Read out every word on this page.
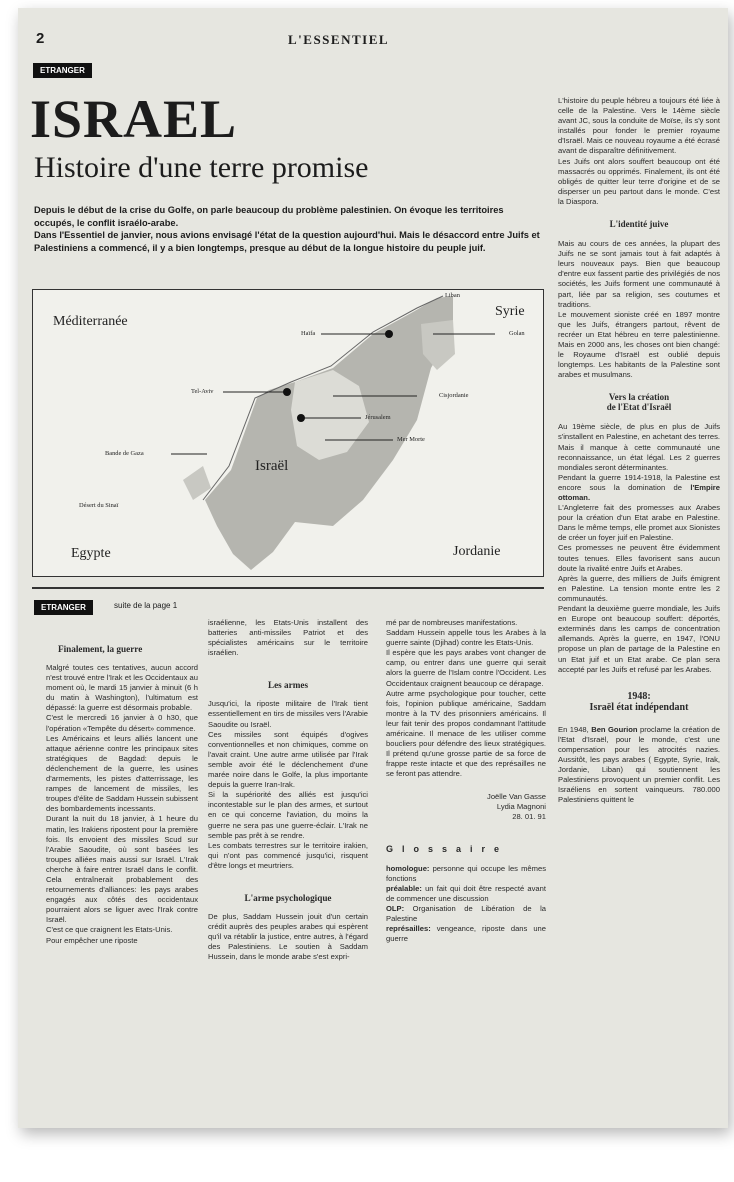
2	L'ESSENTIEL
ETRANGER
ISRAEL
Histoire d'une terre promise

Depuis le début de la crise du Golfe, on parle beaucoup du problème palestinien. On évoque les territoires occupés, le conflit israélo-arabe.

Dans l'Essentiel de janvier, nous avions envisagé l'état de la question aujourd'hui. Mais le désaccord entre Juifs et Palestiniens a commencé, il y a bien longtemps, presque au début de la longue histoire du peuple juif.

Méditerranée
Syrie
Liban
Haïfa	Golan
Tel-Aviv
Cisjordanie
Jérusalem
Mer Morte
Bande de Gaza
Israël
Désert du Sinaï
Egypte	Jordanie
ETRANGER	suite de la page 1
Finalement, la guerre

Malgré toutes ces tentatives, aucun accord n'est trouvé entre l'Irak et les Occidentaux au moment où, le mardi 15 janvier à minuit (6 h du matin à Washington), l'ultimatum est dépassé: la guerre est désormais probable.

C'est le mercredi 16 janvier à 0 h30, que l'opération «Tempête du désert» commence.

Les Américains et leurs alliés lancent une attaque aérienne contre les principaux sites stratégiques de Bagdad: depuis le déclenchement de la guerre, les usines d'armements, les pistes d'atterrissage, les rampes de lancement de missiles, les troupes d'élite de Saddam Hussein subissent des bombardements incessants.

Durant la nuit du 18 janvier, à 1 heure du matin, les Irakiens ripostent pour la première fois. Ils envoient des missiles Scud sur l'Arabie Saoudite, où sont basées les troupes alliées mais aussi sur Israël. L'Irak cherche à faire entrer Israël dans le conflit. Cela entraînerait probablement des retournements d'alliances: les pays arabes engagés aux côtés des occidentaux pourraient alors se liguer avec l'Irak contre Israël.

C'est ce que craignent les Etats-Unis.

Pour empêcher une riposte

israélienne, les Etats-Unis installent des batteries anti-missiles Patriot et des spécialistes américains sur le territoire israélien.

Les armes

Jusqu'ici, la riposte militaire de l'Irak tient essentiellement en tirs de missiles vers l'Arabie Saoudite ou Israël.

Ces missiles sont équipés d'ogives conventionnelles et non chimiques, comme on l'avait craint. Une autre arme utilisée par l'Irak semble avoir été le déclenchement d'une marée noire dans le Golfe, la plus importante depuis la guerre Iran-Irak.

Si la supériorité des alliés est jusqu'ici incontestable sur le plan des armes, et surtout en ce qui concerne l'aviation, du moins la guerre ne sera pas une guerre-éclair. L'Irak ne semble pas prêt à se rendre.

Les combats terrestres sur le territoire irakien, qui n'ont pas commencé jusqu'ici, risquent d'être longs et meurtriers.

L'arme psychologique

De plus, Saddam Hussein jouit d'un certain crédit auprès des peuples arabes qui espèrent qu'il va rétablir la justice, entre autres, à l'égard des Palestiniens. Le soutien à Saddam Hussein, dans le monde arabe s'est expri-

mé par de nombreuses manifestations.

Saddam Hussein appelle tous les Arabes à la guerre sainte (Djihad) contre les Etats-Unis.

Il espère que les pays arabes vont changer de camp, ou entrer dans une guerre qui serait alors la guerre de l'Islam contre l'Occident. Les Occidentaux craignent beaucoup ce dérapage.

Autre arme psychologique pour toucher, cette fois, l'opinion publique américaine, Saddam montre à la TV des prisonniers américains. Il leur fait tenir des propos condamnant l'attitude américaine. Il menace de les utiliser comme boucliers pour défendre des lieux stratégiques. Il prétend qu'une grosse partie de sa force de frappe reste intacte et que des représailles ne se feront pas attendre.

Joëlle Van Gasse
Lydia Magnoni
28. 01. 91
Glossaire

homologue: personne qui occupe les mêmes fonctions

préalable: un fait qui doit être respecté avant de commencer une discussion

OLP: Organisation de Libération de la Palestine

représailles: vengeance, riposte dans une guerre

L'histoire du peuple hébreu a toujours été liée à celle de la Palestine. Vers le 14ème siècle avant JC, sous la conduite de Moïse, ils s'y sont installés pour fonder le premier royaume d'Israël. Mais ce nouveau royaume a été écrasé avant de disparaître définitivement.

Les Juifs ont alors souffert beaucoup ont été massacrés ou opprimés. Finalement, ils ont été obligés de quitter leur terre d'origine et de se disperser un peu partout dans le monde. C'est la Diaspora.

L'identité juive

Mais au cours de ces années, la plupart des Juifs ne se sont jamais tout à fait adaptés à leurs nouveaux pays. Bien que beaucoup d'entre eux fassent partie des privilégiés de nos sociétés, les Juifs forment une communauté à part, liée par sa religion, ses coutumes et traditions.

Le mouvement sioniste créé en 1897 montre que les Juifs, étrangers partout, rêvent de recréer un Etat hébreu en terre palestinienne. Mais en 2000 ans, les choses ont bien changé: le Royaume d'Israël est oublié depuis longtemps. Les habitants de la Palestine sont arabes et musulmans.

Vers la création
de l'Etat d'Israël

Au 19ème siècle, de plus en plus de Juifs s'installent en Palestine, en achetant des terres. Mais il manque à cette communauté une reconnaissance, un état légal. Les 2 guerres mondiales seront déterminantes.

Pendant la guerre 1914-1918, la Palestine est encore sous la domination de l'Empire ottoman.

L'Angleterre fait des promesses aux Arabes pour la création d'un Etat arabe en Palestine. Dans le même temps, elle promet aux Sionistes de créer un foyer juif en Palestine.

Ces promesses ne peuvent être évidemment toutes tenues. Elles favorisent sans aucun doute la rivalité entre Juifs et Arabes.

Après la guerre, des milliers de Juifs émigrent en Palestine. La tension monte entre les 2 communautés.

Pendant la deuxième guerre mondiale, les Juifs en Europe ont beaucoup souffert: déportés, exterminés dans les camps de concentration allemands. Après la guerre, en 1947, l'ONU propose un plan de partage de la Palestine en un Etat juif et un Etat arabe. Ce plan sera accepté par les Juifs et refusé par les Arabes.

1948:
Israël état indépendant

En 1948, Ben Gourion proclame la création de l'Etat d'Israël, pour le monde, c'est une compensation pour les atrocités nazies. Aussitôt, les pays arabes ( Egypte, Syrie, Irak, Jordanie, Liban) qui soutiennent les Palestiniens provoquent un premier conflit. Les Israéliens en sortent vainqueurs. 780.000 Palestiniens quittent le
